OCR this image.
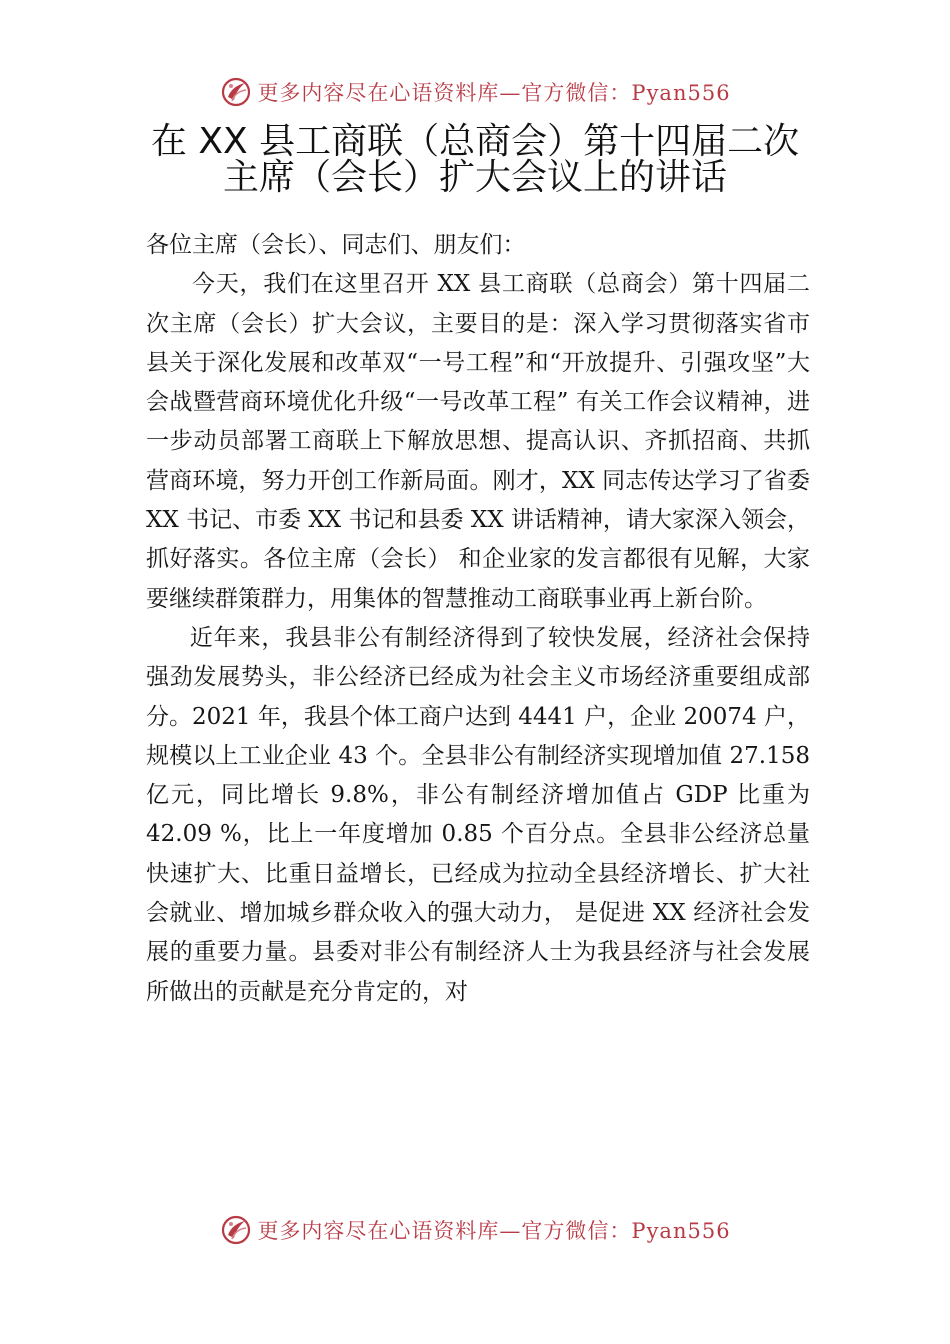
更多内容尽在心语资料库—官方微信：Pyan556
在 XX 县工商联（总商会）第十四届二次
主席（会长）扩大会议上的讲话

各位主席（会长）、同志们、朋友们：

今天，我们在这里召开 XX 县工商联（总商会）第十四届二次主席（会长）扩大会议，主要目的是：深入学习贯彻落实省市县关于深化发展和改革双“一号工程”和“开放提升、引强攻坚”大会战暨营商环境优化升级“一号改革工程” 有关工作会议精神，进一步动员部署工商联上下解放思想、提高认识、齐抓招商、共抓营商环境，努力开创工作新局面。刚才，XX 同志传达学习了省委 XX 书记、市委 XX 书记和县委 XX 讲话精神，请大家深入领会，抓好落实。各位主席（会长） 和企业家的发言都很有见解，大家要继续群策群力，用集体的智慧推动工商联事业再上新台阶。

近年来，我县非公有制经济得到了较快发展，经济社会保持强劲发展势头，非公经济已经成为社会主义市场经济重要组成部分。2021 年，我县个体工商户达到 4441 户，企业 20074 户，规模以上工业企业 43 个。全县非公有制经济实现增加值 27.158 亿元，同比增长 9.8%，非公有制经济增加值占 GDP 比重为 42.09 %，比上一年度增加 0.85 个百分点。全县非公经济总量快速扩大、比重日益增长，已经成为拉动全县经济增长、扩大社会就业、增加城乡群众收入的强大动力， 是促进 XX 经济社会发展的重要力量。县委对非公有制经济人士为我县经济与社会发展所做出的贡献是充分肯定的，对

更多内容尽在心语资料库—官方微信：Pyan556
